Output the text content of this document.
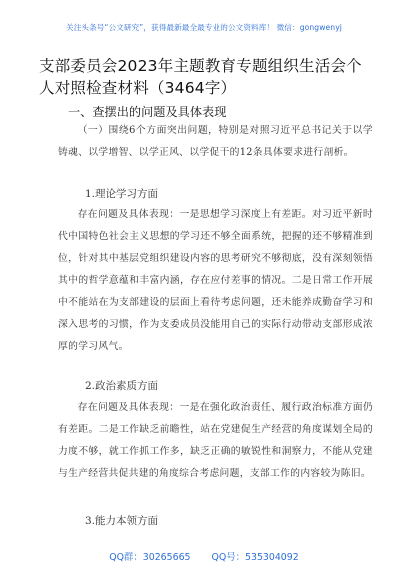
关注头条号“公文研究”，获得最新最全最专业的公文资料库！ 微信：gongwenyj
支部委员会2023年主题教育专题组织生活会个人对照检查材料（3464字）
一、查摆出的问题及具体表现
（一）围绕6个方面突出问题，特别是对照习近平总书记关于以学铸魂、以学增智、以学正风、以学促干的12条具体要求进行剖析。
1.理论学习方面
存在问题及具体表现：一是思想学习深度上有差距。对习近平新时代中国特色社会主义思想的学习还不够全面系统，把握的还不够精准到位，针对其中基层党组织建设内容的思考研究不够彻底，没有深刻领悟其中的哲学意蕴和丰富内涵，存在应付差事的情况。二是日常工作开展中不能站在为支部建设的层面上看待考虑问题，还未能养成勤奋学习和深入思考的习惯，作为支委成员没能用自己的实际行动带动支部形成浓厚的学习风气。
2.政治素质方面
存在问题及具体表现：一是在强化政治责任、履行政治标准方面仍有差距。二是工作缺乏前瞻性，站在党建促生产经营的角度谋划全局的力度不够，就工作抓工作多，缺乏正确的敏锐性和洞察力，不能从党建与生产经营共促共建的角度综合考虑问题，支部工作的内容较为陈旧。
3.能力本领方面
QQ群：30265665 QQ号：535304092
